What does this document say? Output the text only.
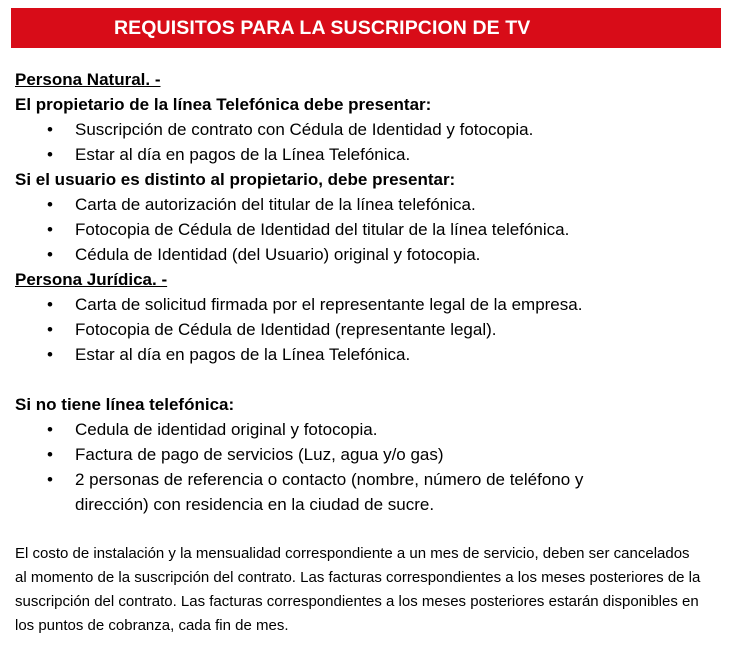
REQUISITOS PARA LA SUSCRIPCION DE TV
Persona Natural. -
El propietario de la línea Telefónica debe presentar:
• Suscripción de contrato con Cédula de Identidad y fotocopia.
• Estar al día en pagos de la Línea Telefónica.
Si el usuario es distinto al propietario, debe presentar:
• Carta de autorización del titular de la línea telefónica.
• Fotocopia de Cédula de Identidad del titular de la línea telefónica.
• Cédula de Identidad (del Usuario) original y fotocopia.
Persona Jurídica. -
• Carta de solicitud firmada por el representante legal de la empresa.
• Fotocopia de Cédula de Identidad (representante legal).
• Estar al día en pagos de la Línea Telefónica.
Si no tiene línea telefónica:
• Cedula de identidad original y fotocopia.
• Factura de pago de servicios (Luz, agua y/o gas)
• 2 personas de referencia o contacto (nombre, número de teléfono y dirección) con residencia en la ciudad de sucre.
El costo de instalación y la mensualidad correspondiente a un mes de servicio, deben ser cancelados al momento de la suscripción del contrato. Las facturas correspondientes a los meses posteriores de la suscripción del contrato. Las facturas correspondientes a los meses posteriores estarán disponibles en los puntos de cobranza, cada fin de mes.
